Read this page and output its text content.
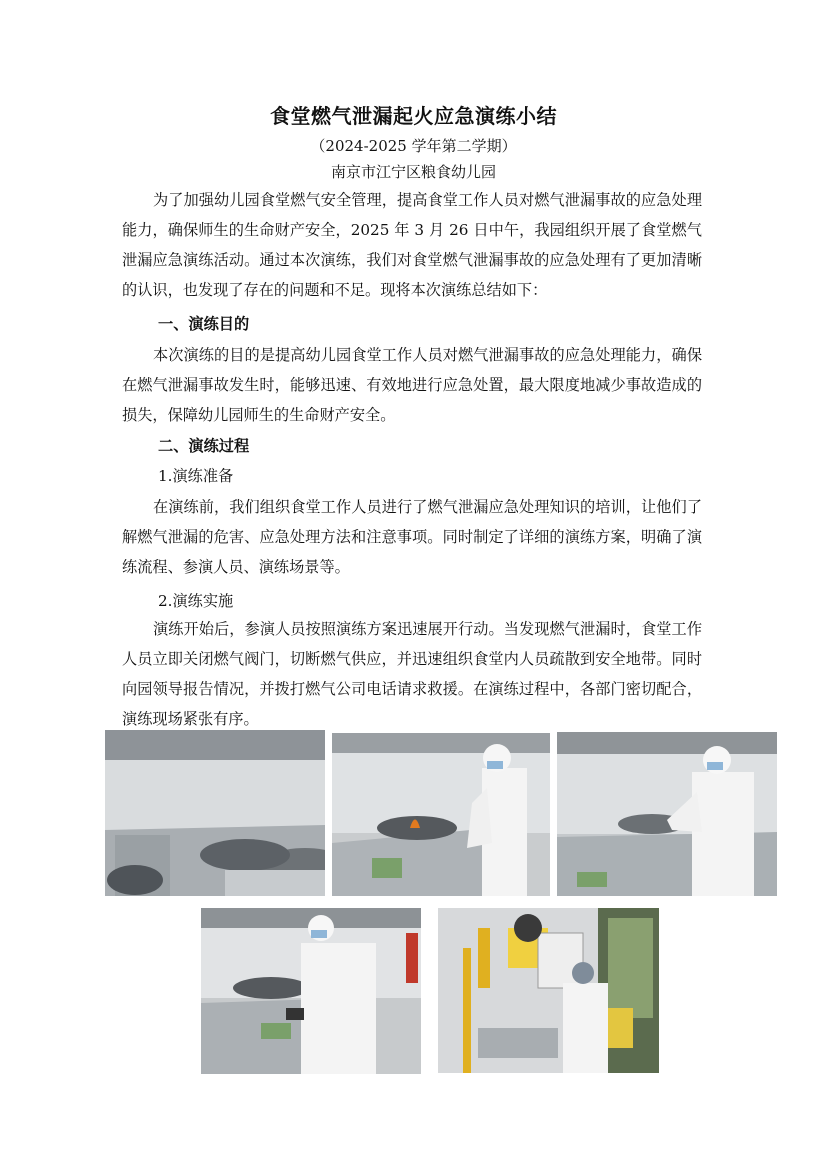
食堂燃气泄漏起火应急演练小结
（2024-2025 学年第二学期）
南京市江宁区粮食幼儿园

为了加强幼儿园食堂燃气安全管理，提高食堂工作人员对燃气泄漏事故的应急处理能力，确保师生的生命财产安全，2025 年 3 月 26 日中午，我园组织开展了食堂燃气泄漏应急演练活动。通过本次演练，我们对食堂燃气泄漏事故的应急处理有了更加清晰的认识，也发现了存在的问题和不足。现将本次演练总结如下：

一、演练目的

本次演练的目的是提高幼儿园食堂工作人员对燃气泄漏事故的应急处理能力，确保在燃气泄漏事故发生时，能够迅速、有效地进行应急处置，最大限度地减少事故造成的损失，保障幼儿园师生的生命财产安全。

二、演练过程
1.演练准备

在演练前，我们组织食堂工作人员进行了燃气泄漏应急处理知识的培训，让他们了解燃气泄漏的危害、应急处理方法和注意事项。同时制定了详细的演练方案，明确了演练流程、参演人员、演练场景等。

2.演练实施

演练开始后，参演人员按照演练方案迅速展开行动。当发现燃气泄漏时，食堂工作人员立即关闭燃气阀门，切断燃气供应，并迅速组织食堂内人员疏散到安全地带。同时向园领导报告情况，并拨打燃气公司电话请求救援。在演练过程中，各部门密切配合，演练现场紧张有序。
